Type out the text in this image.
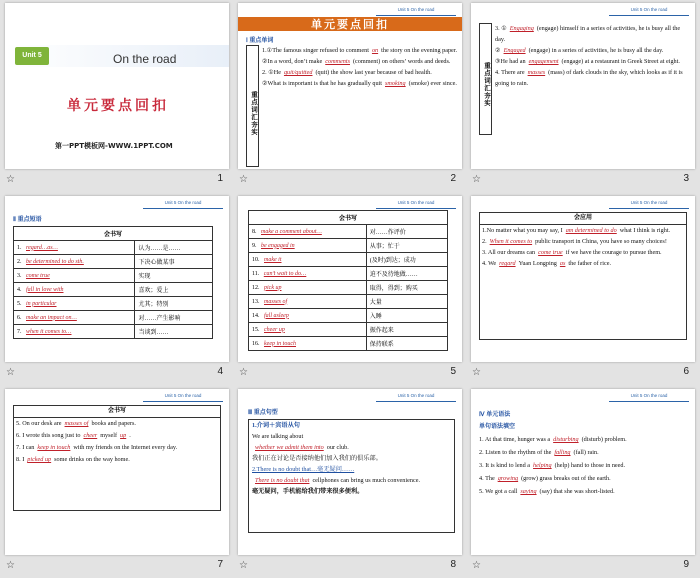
Unit 5	On the road
单元要点回扣
第一PPT模板网-WWW.1PPT.COM
☆	1
Unit 5 On the road
单元要点回扣
Ⅰ 重点单词
重点词汇夯实
1.①The famous singer refused to comment on the story on the evening paper.
②In a word, don’t make comments (comment) on others’ words and deeds.
2. ①He quit/quitted (quit) the show last year because of bad health.
②What is important is that he has gradually quit smoking (smoke) ever since.
☆	2
Unit 5 On the road
重点词汇夯实
3. ① Engaging (engage) himself in a series of activities, he is busy all the day.
② Engaged (engage) in a series of activities, he is busy all the day.
③He had an engagement (engage) at a restaurant in Greek Street at eight.
4. There are masses (mass) of dark clouds in the sky, which looks as if it is going to rain.
☆	3
Unit 5 On the road
Ⅱ 重点短语
会书写	
1. regard…as…	认为……是……
2. be determined to do sth.	下决心做某事
3. come true	实现
4. fall in love with	喜欢；爱上
5. in particular	尤其；特别
6. make an impact on…	对……产生影响
7. when it comes to…	当谈到……
☆	4
Unit 5 On the road
会书写	
8. make a comment about…	对……作评价
9. be engaged in	从事；忙于
10. make it	(及时)到达；成功
11. can’t wait to do…	迫不及待地做……
12. pick up	取得，得到；购买
13. masses of	大量
14. fall asleep	入睡
15. cheer up	振作起来
16. keep in touch	保持联系
☆	5
Unit 5 On the road
会应用
1.No matter what you may say, I am determined to do what I think is right.
2. When it comes to public transport in China, you have so many choices!
3. All our dreams can come true if we have the courage to pursue them.
4. We regard Yuan Longping as the father of rice.
☆	6
Unit 5 On the road
会书写
5. On our desk are masses of books and papers.
6. I wrote this song just to cheer myself up .
7. I can keep in touch with my friends on the Internet every day.
8. I picked up some drinks on the way home.
☆	7
Unit 5 On the road
Ⅲ 重点句型
1.介词＋宾语从句
We are talking about
whether we admit them into our club.
我们正在讨论是否接纳他们加入我们的俱乐部。
2.There is no doubt that…毫无疑问……
There is no doubt that cellphones can bring us much convenience.
毫无疑问，手机能给我们带来很多便利。
☆	8
Unit 5 On the road
Ⅳ 单元语法
单句语法填空
1. At that time, hunger was a disturbing (disturb) problem.
2. Listen to the rhythm of the falling (fall) rain.
3. It is kind to lend a helping (help) hand to those in need.
4. The growing (grow) grass breaks out of the earth.
5. We got a call saying (say) that she was short-listed.
☆	9
